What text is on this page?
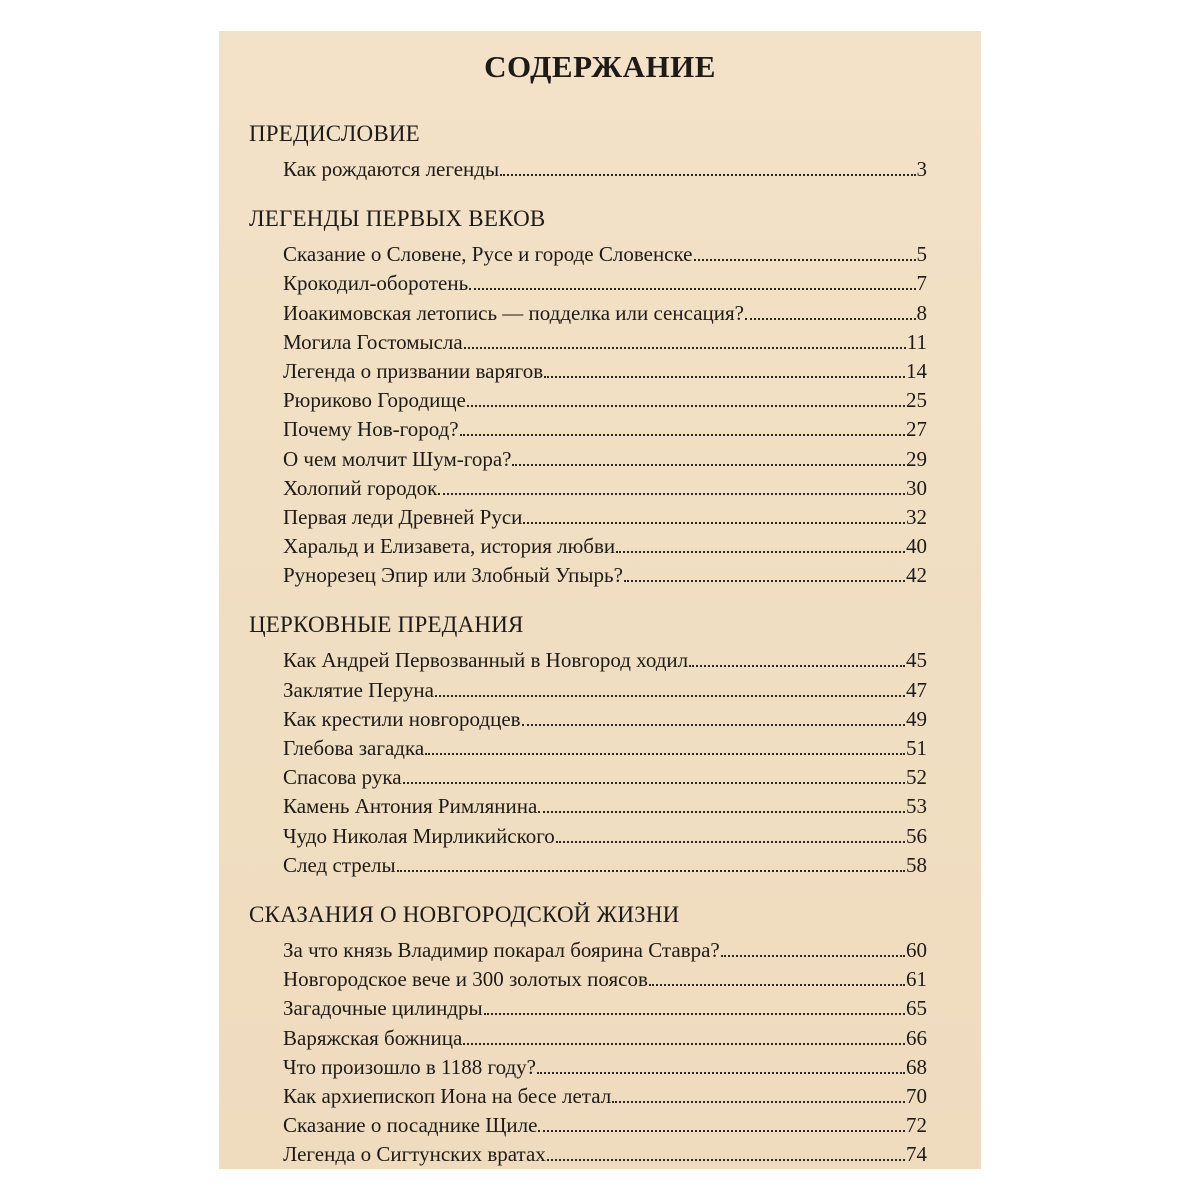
СОДЕРЖАНИЕ
ПРЕДИСЛОВИЕ
Как рождаются легенды	3
ЛЕГЕНДЫ ПЕРВЫХ ВЕКОВ
Сказание о Словене, Русе и городе Словенске	5
Крокодил-оборотень	7
Иоакимовская летопись — подделка или сенсация?	8
Могила Гостомысла	11
Легенда о призвании варягов	14
Рюриково Городище	25
Почему Нов-город?	27
О чем молчит Шум-гора?	29
Холопий городок	30
Первая леди Древней Руси	32
Харальд и Елизавета, история любви	40
Рунорезец Эпир или Злобный Упырь?	42
ЦЕРКОВНЫЕ ПРЕДАНИЯ
Как Андрей Первозванный в Новгород ходил	45
Заклятие Перуна	47
Как крестили новгородцев	49
Глебова загадка	51
Спасова рука	52
Камень Антония Римлянина	53
Чудо Николая Мирликийского	56
След стрелы	58
СКАЗАНИЯ О НОВГОРОДСКОЙ ЖИЗНИ
За что князь Владимир покарал боярина Ставра?	60
Новгородское вече и 300 золотых поясов	61
Загадочные цилиндры	65
Варяжская божница	66
Что произошло в 1188 году?	68
Как архиепископ Иона на бесе летал	70
Сказание о посаднике Щиле	72
Легенда о Сигтунских вратах	74
